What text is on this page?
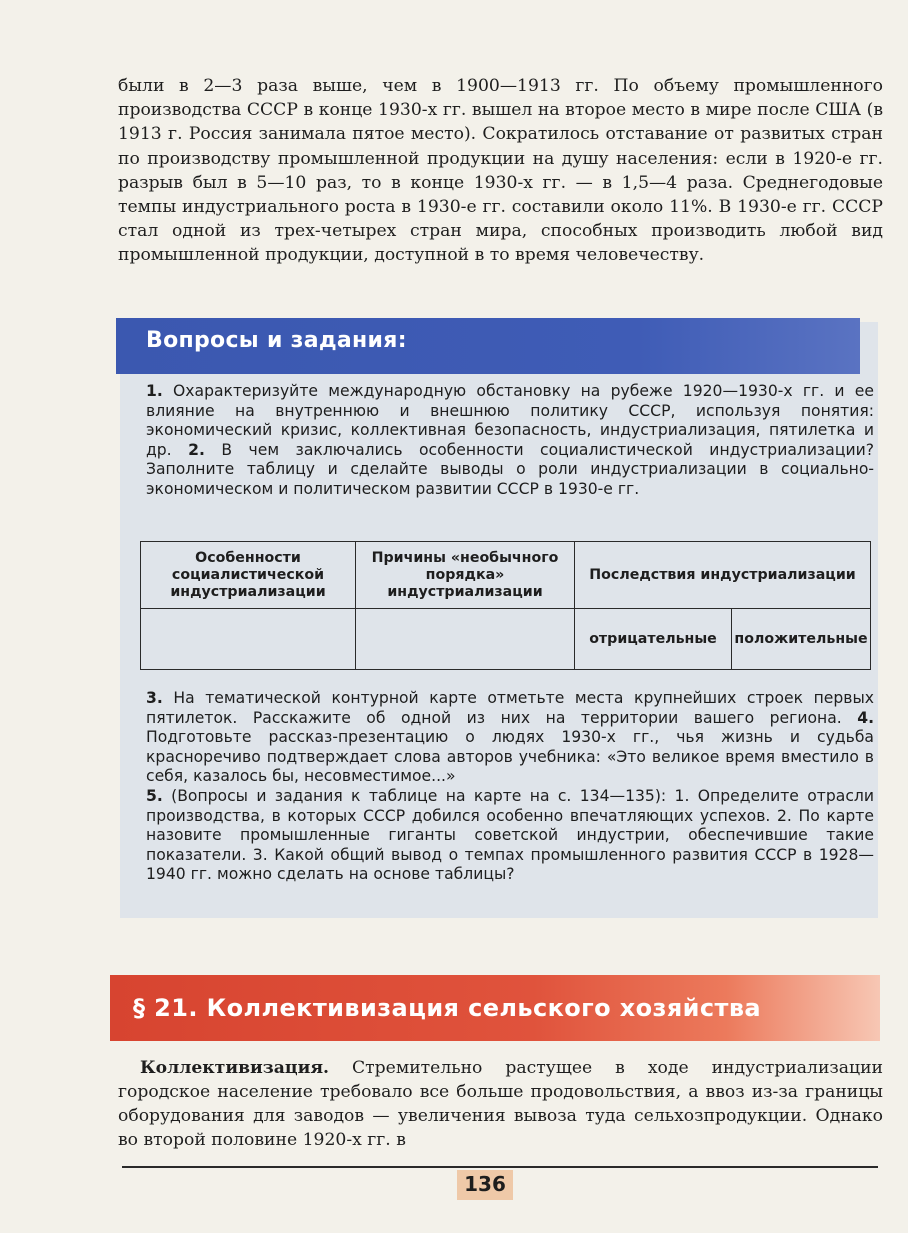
были в 2—3 раза выше, чем в 1900—1913 гг. По объему промышленного производства СССР в конце 1930-х гг. вышел на второе место в мире после США (в 1913 г. Россия занимала пятое место). Сократилось отставание от развитых стран по производству промышленной продукции на душу населения: если в 1920-е гг. разрыв был в 5—10 раз, то в конце 1930-х гг. — в 1,5—4 раза. Среднегодовые темпы индустриального роста в 1930-е гг. составили около 11%. В 1930-е гг. СССР стал одной из трех-четырех стран мира, способных производить любой вид промышленной продукции, доступной в то время человечеству.

Вопросы и задания:

1. Охарактеризуйте международную обстановку на рубеже 1920—1930-х гг. и ее влияние на внутреннюю и внешнюю политику СССР, используя понятия: экономический кризис, коллективная безопасность, индустриализация, пятилетка и др. 2. В чем заключались особенности социалистической индустриализации? Заполните таблицу и сделайте выводы о роли индустриализации в социально-экономическом и политическом развитии СССР в 1930-е гг.

Особенности социалистической индустриализации	Причины «необычного порядка» индустриализации	Последствия индустриализации	
		отрицательные	положительные

3. На тематической контурной карте отметьте места крупнейших строек первых пятилеток. Расскажите об одной из них на территории вашего региона. 4. Подготовьте рассказ-презентацию о людях 1930-х гг., чья жизнь и судьба красноречиво подтверждает слова авторов учебника: «Это великое время вместило в себя, казалось бы, несовместимое...»
5. (Вопросы и задания к таблице на карте на с. 134—135): 1. Определите отрасли производства, в которых СССР добился особенно впечатляющих успехов. 2. По карте назовите промышленные гиганты советской индустрии, обеспечившие такие показатели. 3. Какой общий вывод о темпах промышленного развития СССР в 1928—1940 гг. можно сделать на основе таблицы?

§ 21. Коллективизация сельского хозяйства

Коллективизация. Стремительно растущее в ходе индустриализации городское население требовало все больше продовольствия, а ввоз из-за границы оборудования для заводов — увеличения вывоза туда сельхозпродукции. Однако во второй половине 1920-х гг. в

136
